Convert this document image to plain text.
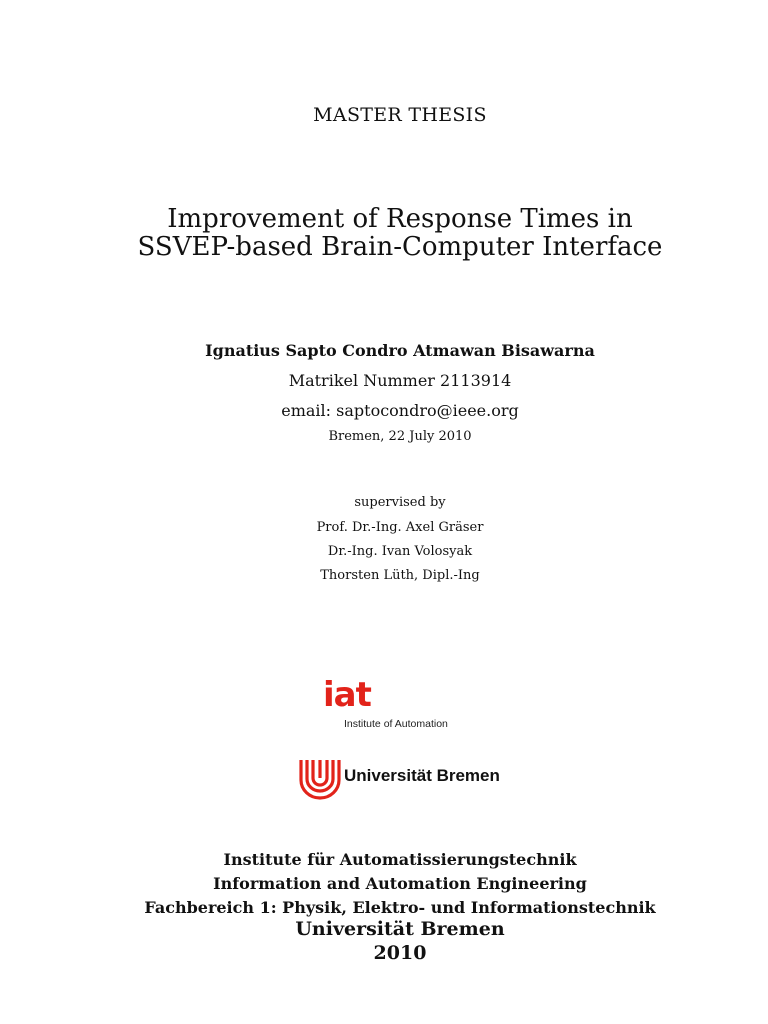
MASTER THESIS
Improvement of Response Times in
SSVEP-based Brain-Computer Interface
Ignatius Sapto Condro Atmawan Bisawarna
Matrikel Nummer 2113914
email: saptocondro@ieee.org
Bremen, 22 July 2010
supervised by
Prof. Dr.-Ing. Axel Gräser
Dr.-Ing. Ivan Volosyak
Thorsten Lüth, Dipl.-Ing
iat
Institute of Automation
Universität Bremen
Institute für Automatissierungstechnik
Information and Automation Engineering
Fachbereich 1: Physik, Elektro- und Informationstechnik
Universität Bremen
2010
